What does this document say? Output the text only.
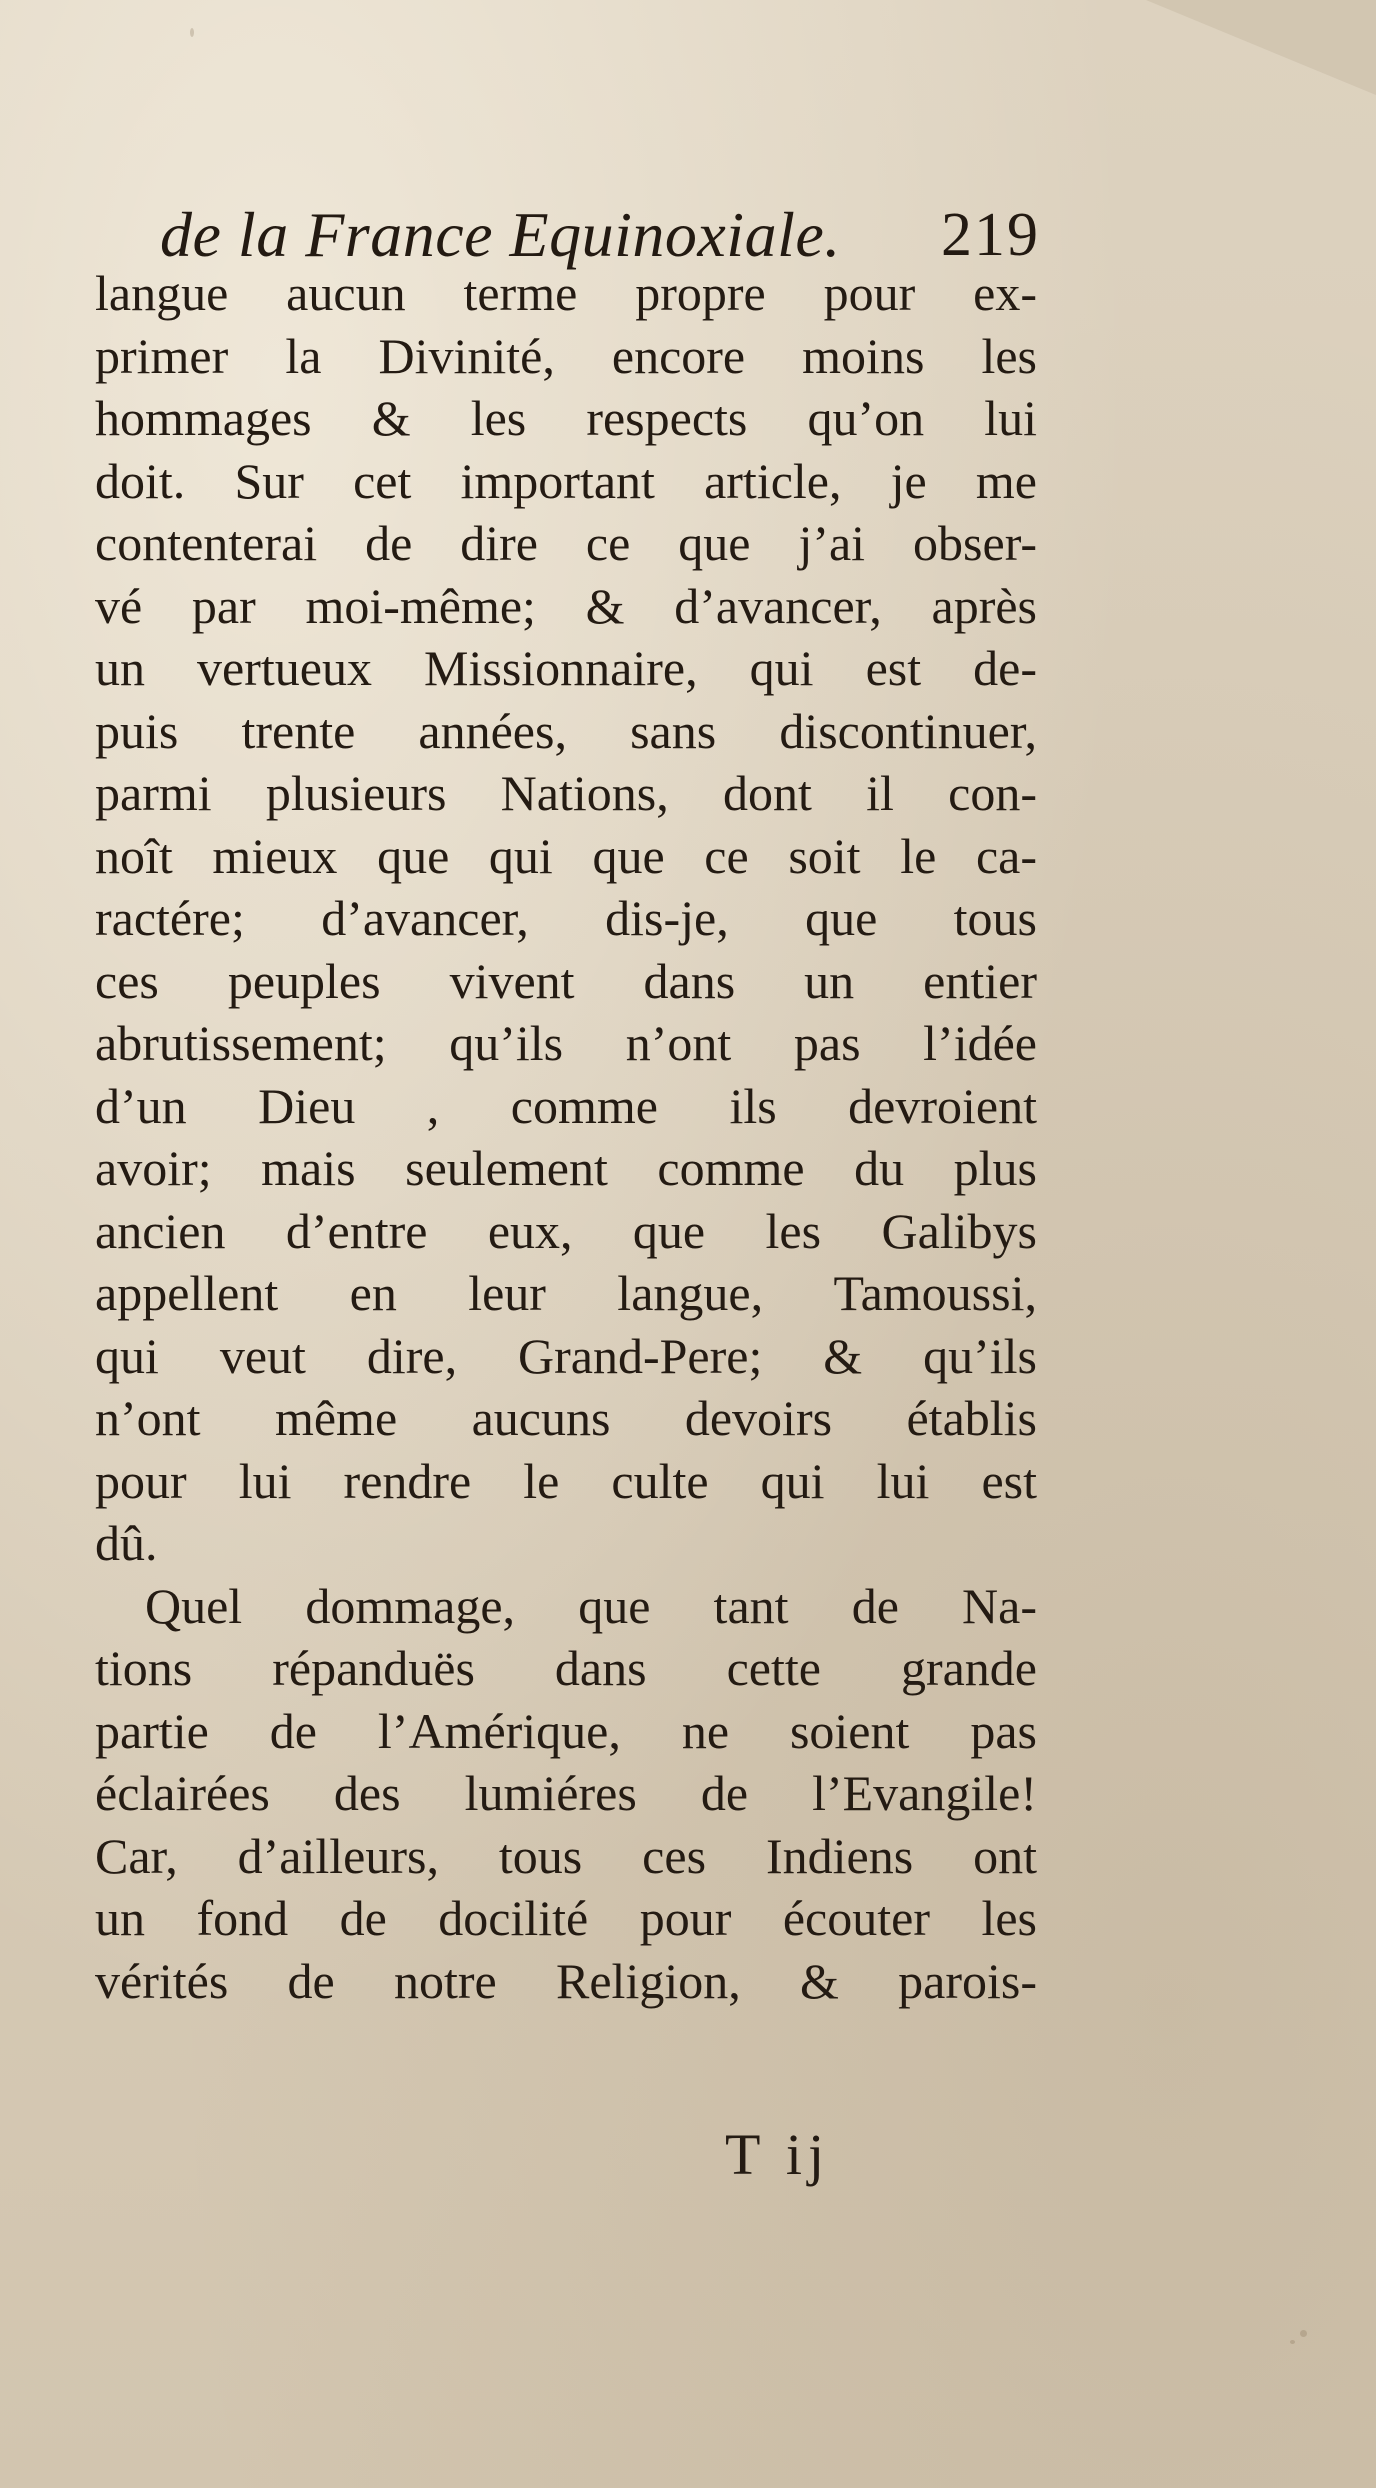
de la France Equinoxiale. 219
langue aucun terme propre pour ex-
primer la Divinité, encore moins les
hommages & les respects qu’on lui
doit. Sur cet important article, je me
contenterai de dire ce que j’ai obser-
vé par moi-même; & d’avancer, après
un vertueux Missionnaire, qui est de-
puis trente années, sans discontinuer,
parmi plusieurs Nations, dont il con-
noît mieux que qui que ce soit le ca-
ractére; d’avancer, dis-je, que tous
ces peuples vivent dans un entier
abrutissement; qu’ils n’ont pas l’idée
d’un Dieu , comme ils devroient
avoir; mais seulement comme du plus
ancien d’entre eux, que les Galibys
appellent en leur langue, Tamoussi,
qui veut dire, Grand-Pere; & qu’ils
n’ont même aucuns devoirs établis
pour lui rendre le culte qui lui est
dû.
Quel dommage, que tant de Na-
tions répanduës dans cette grande
partie de l’Amérique, ne soient pas
éclairées des lumiéres de l’Evangile!
Car, d’ailleurs, tous ces Indiens ont
un fond de docilité pour écouter les
vérités de notre Religion, & parois-
T ij
